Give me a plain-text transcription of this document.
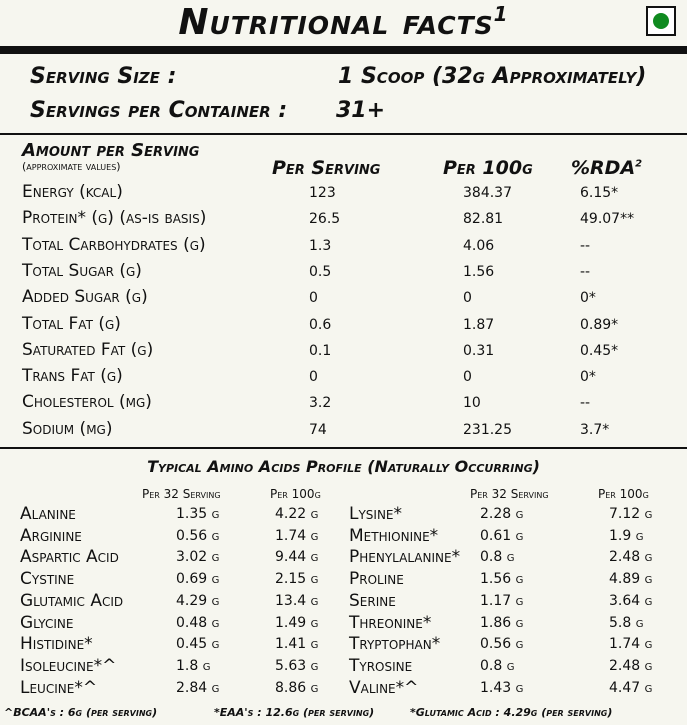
Nutritional facts$^1$
Serving Size :	1 Scoop (32g Approximately)
Servings per Container : 31+
Amount per Serving
(approximate values)	Per Serving	Per 100g %RDA$^2$
Energy (kcal)	123	384.37	6.15*
Protein* (g) (as-is basis)	26.5	82.81	49.07**
Total Carbohydrates (g)	1.3	4.06	--
Total Sugar (g)	0.5	1.56	--
Added Sugar (g)	0	0	0*
Total Fat (g)	0.6	1.87	0.89*
Saturated Fat (g)	0.1	0.31	0.45*
Trans Fat (g)	0	0	0*
Cholesterol (mg)	3.2	10	--
Sodium (mg)	74	231.25	3.7*
Typical Amino Acids Profile (Naturally Occurring)
Per 32 Serving	Per 100g	Per 32 Serving	Per 100g
Alanine	1.35 g	4.22 g
Arginine	0.56 g	1.74 g
Aspartic Acid	3.02 g	9.44 g
Cystine	0.69 g	2.15 g
Glutamic Acid	4.29 g	13.4 g
Glycine	0.48 g	1.49 g
Histidine*	0.45 g	1.41 g
Isoleucine*^	1.8 g	5.63 g
Leucine*^	2.84 g	8.86 g
Lysine*	2.28 g	7.12 g
Methionine*	0.61 g	1.9 g
Phenylalanine* 0.8 g	2.48 g
Proline	1.56 g	4.89 g
Serine	1.17 g	3.64 g
Threonine*	1.86 g	5.8 g
Tryptophan*	0.56 g	1.74 g
Tyrosine	0.8 g	2.48 g
Valine*^	1.43 g	4.47 g
^BCAA's : 6g (per serving)	*EAA's : 12.6g (per serving)	*Glutamic Acid : 4.29g (per serving)
